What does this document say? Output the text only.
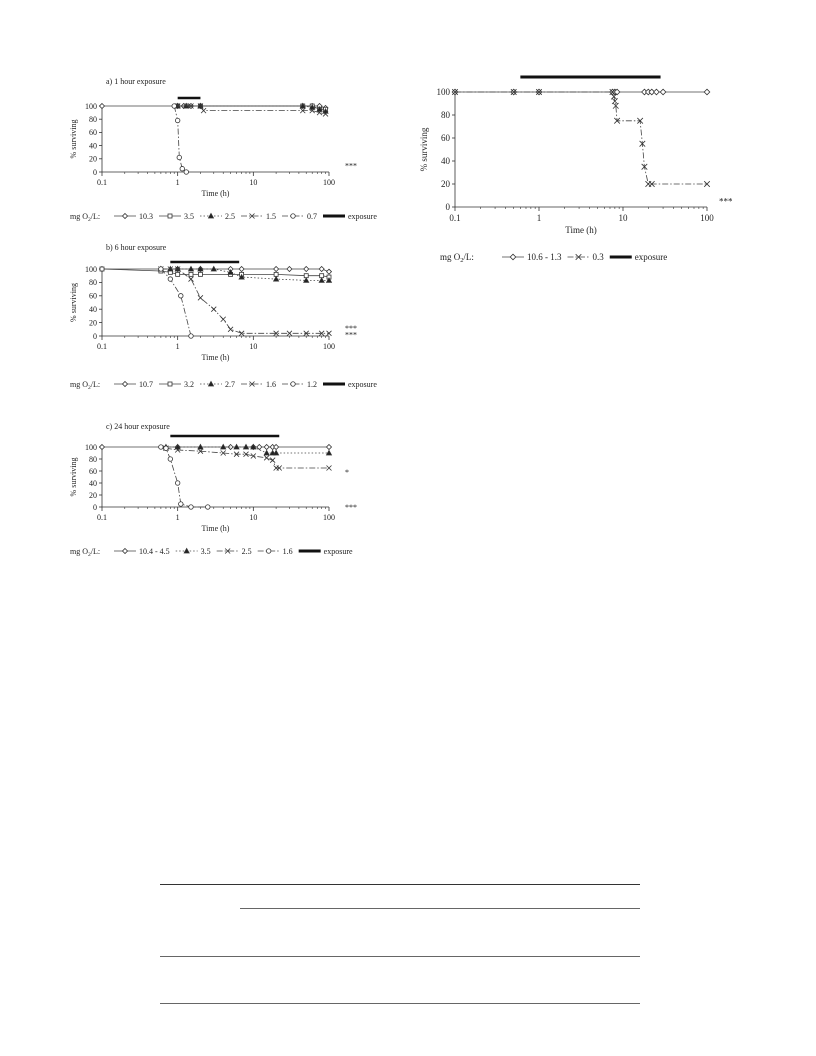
a) 1 hour exposure
0
20
40
60
80
100
0.1	1	10	100
Time (h)
% surviving
***
mg $O_2/L$:	10.3	3.5	2.5	1.5	0.7	exposure
b) 6 hour exposure
0
20
40
60
80
100
0.1	1	10	100
Time (h)
% surviving
***
***
mg $O_2/L$:	10.7	3.2	2.7	1.6	1.2	exposure
c) 24 hour exposure
0
20
40
60
80
100
0.1	1	10	100
Time (h)
% surviving	*
***
mg $O_2/L$:	10.4 - 4.5	3.5	2.5	1.6	exposure
0
20
40
60
80
100
0.1	1	10	100
Time (h)
% surviving
***
mg $O_2/L$:	10.6 - 1.3	0.3	exposure
